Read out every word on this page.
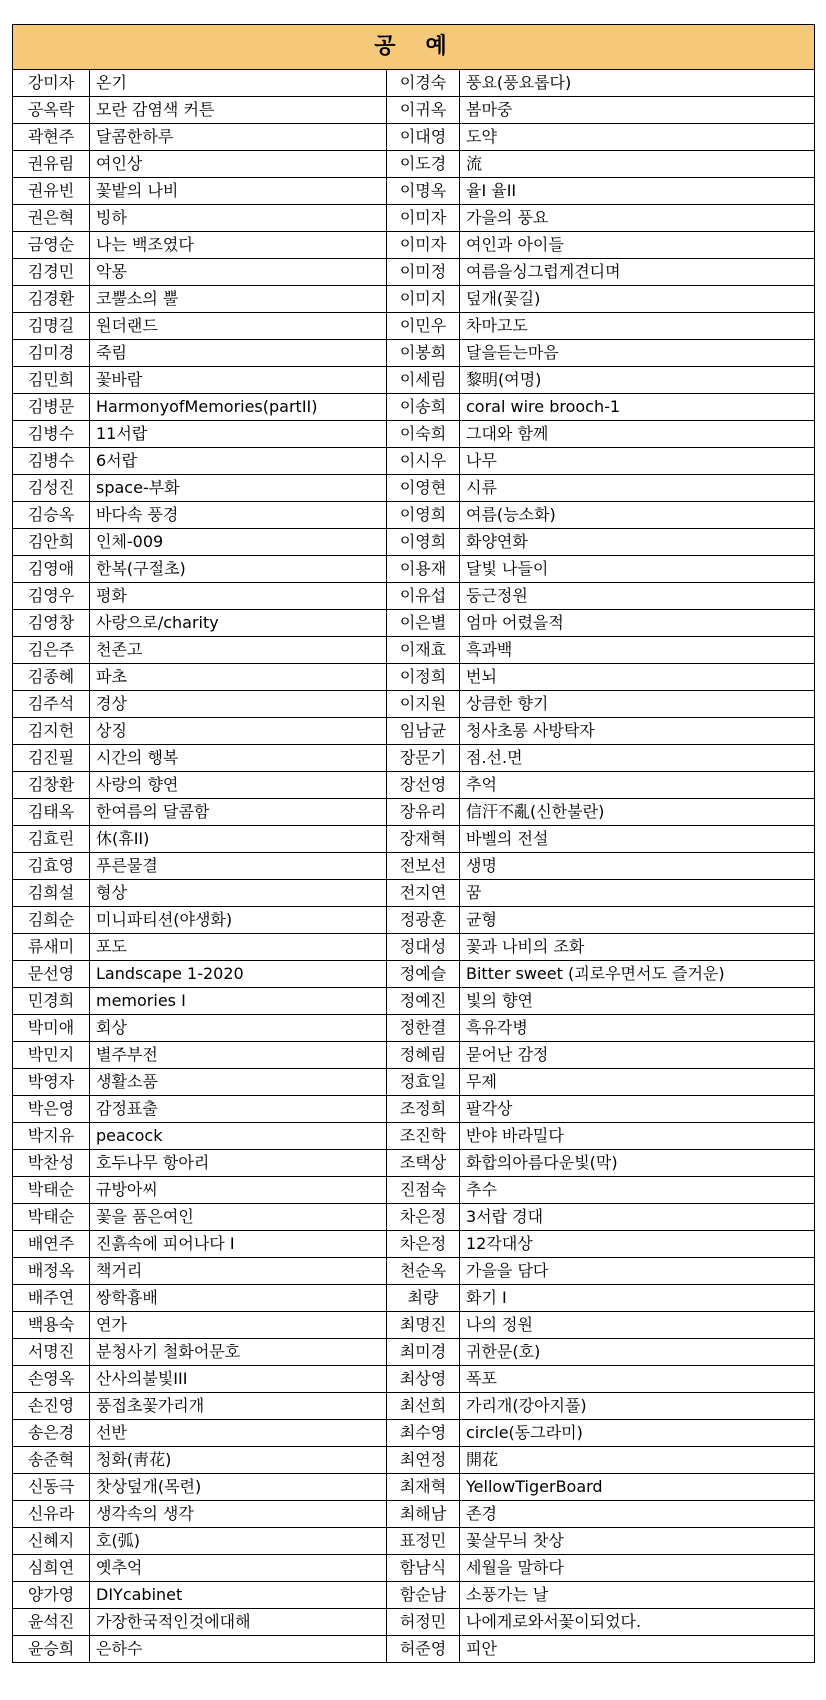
공예			
강미자	온기	이경숙	풍요(풍요롭다)
공옥락	모란 감염색 커튼	이귀옥	봄마중
곽현주	달콤한하루	이대영	도약
권유림	여인상	이도경	流
권유빈	꽃밭의 나비	이명옥	율I 율II
권은혁	빙하	이미자	가을의 풍요
금영순	나는 백조였다	이미자	여인과 아이들
김경민	악몽	이미정	여름을싱그럽게견디며
김경환	코뿔소의 뿔	이미지	덮개(꽃길)
김명길	원더랜드	이민우	차마고도
김미경	죽림	이봉희	달을듣는마음
김민희	꽃바람	이세림	黎明(여명)
김병문	HarmonyofMemories(partII)	이송희	coral wire brooch-1
김병수	11서랍	이숙희	그대와 함께
김병수	6서랍	이시우	나무
김성진	space-부화	이영현	시류
김승옥	바다속 풍경	이영희	여름(능소화)
김안희	인체-009	이영희	화양연화
김영애	한복(구절초)	이용재	달빛 나들이
김영우	평화	이유섭	둥근정원
김영창	사랑으로/charity	이은별	엄마 어렸을적
김은주	천존고	이재효	흑과백
김종혜	파초	이정희	번뇌
김주석	경상	이지원	상큼한 향기
김지헌	상징	임남균	청사초롱 사방탁자
김진필	시간의 행복	장문기	점.선.면
김창환	사랑의 향연	장선영	추억
김태옥	한여름의 달콤함	장유리	信汗不亂(신한불란)
김효린	休(휴II)	장재혁	바벨의 전설
김효영	푸른물결	전보선	생명
김희설	형상	전지연	꿈
김희순	미니파티션(야생화)	정광훈	균형
류새미	포도	정대성	꽃과 나비의 조화
문선영	Landscape 1-2020	정예슬	Bitter sweet (괴로우면서도 즐거운)
민경희	memories I	정예진	빛의 향연
박미애	회상	정한결	흑유각병
박민지	별주부전	정혜림	묻어난 감정
박영자	생활소품	정효일	무제
박은영	감정표출	조정희	팔각상
박지유	peacock	조진학	반야 바라밀다
박찬성	호두나무 항아리	조택상	화합의아름다운빛(막)
박태순	규방아씨	진점숙	추수
박태순	꽃을 품은여인	차은정	3서랍 경대
배연주	진흙속에 피어나다 I	차은정	12각대상
배정옥	책거리	천순옥	가을을 담다
배주연	쌍학흉배	최량	화기 I
백용숙	연가	최명진	나의 정원
서명진	분청사기 철화어문호	최미경	귀한문(호)
손영옥	산사의불빛III	최상영	폭포
손진영	풍접초꽃가리개	최선희	가리개(강아지풀)
송은경	선반	최수영	circle(동그라미)
송준혁	청화(靑花)	최연정	開花
신동극	찻상덮개(목련)	최재혁	YellowTigerBoard
신유라	생각속의 생각	최해남	존경
신혜지	호(弧)	표정민	꽃살무늬 찻상
심희연	옛추억	함남식	세월을 말하다
양가영	DIYcabinet	함순남	소풍가는 날
윤석진	가장한국적인것에대해	허정민	나에게로와서꽃이되었다.
윤승희	은하수	허준영	피안
